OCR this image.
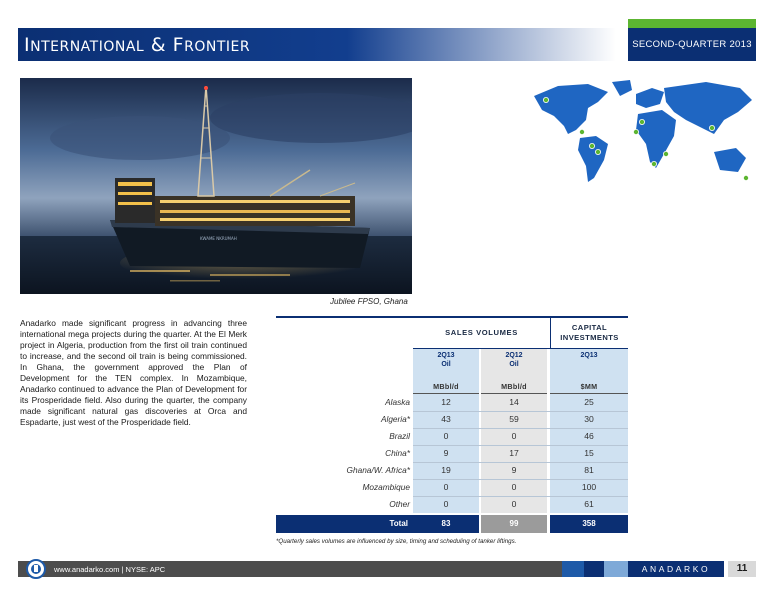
INTERNATIONAL & FRONTIER	SECOND-QUARTER 2013
KWAME NKRUMAH
Jubilee FPSO, Ghana
Anadarko made significant progress in advancing three international mega projects during the quarter. At the El Merk project in Algeria, production from the first oil train continued to increase, and the second oil train is being commissioned. In Ghana, the government approved the Plan of Development for the TEN complex. In Mozambique, Anadarko continued to advance the Plan of Development for its Prosperidade field. Also during the quarter, the company made significant natural gas discoveries at Orca and Espadarte, just west of the Prosperidade field.
SALES VOLUMES
CAPITAL
INVESTMENTS
2Q13
Oil
2Q12
Oil
2Q13
MBbl/d	MBbl/d	$MM
Alaska	12	14	25
Algeria*	43	59	30
Brazil	0	0	46
China*	9	17	15
Ghana/W. Africa*	19	9	81
Mozambique	0	0	100
Other	0	0	61
Total	83	99	358
*Quarterly sales volumes are influenced by size, timing and scheduling of tanker liftings.
www.anadarko.com | NYSE: APC	ANADARKO	11
